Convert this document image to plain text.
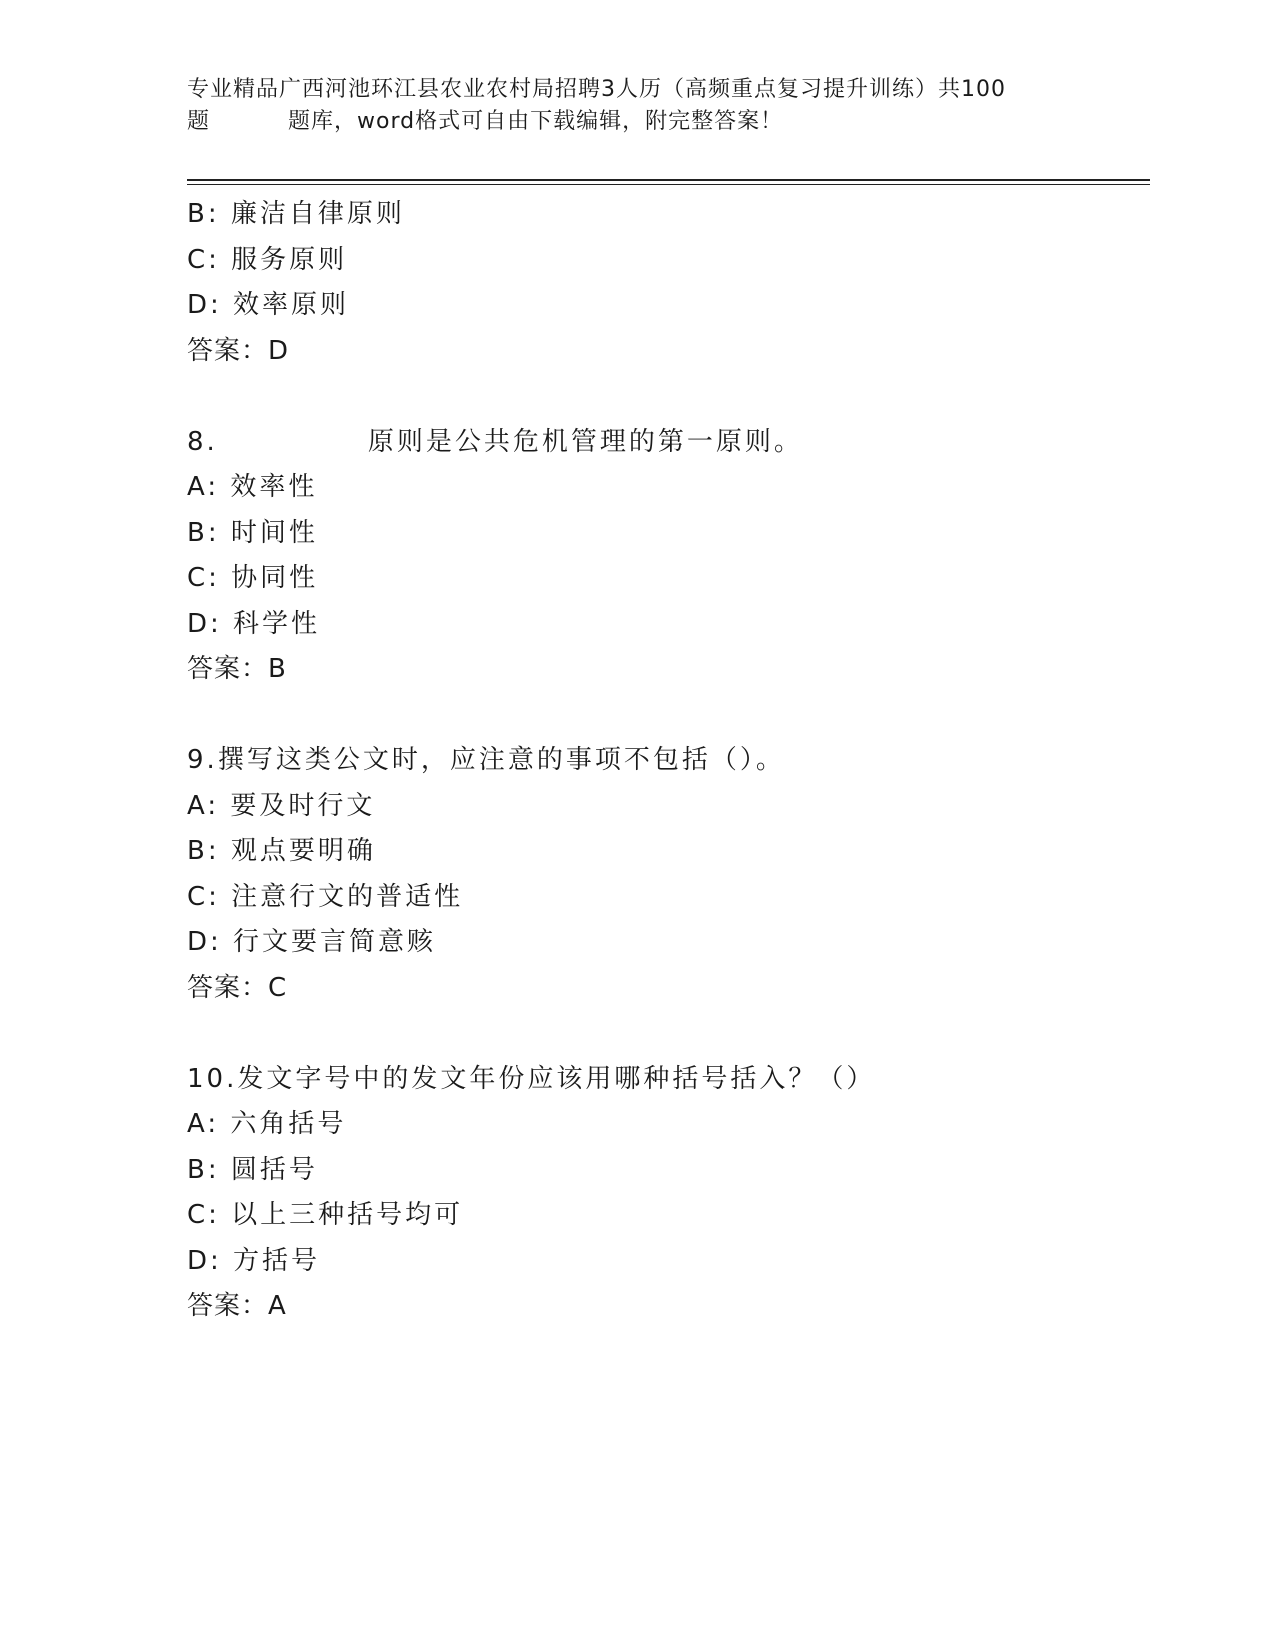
专业精品广西河池环江县农业农村局招聘3人历（高频重点复习提升训练）共100
题	题库，word格式可自由下载编辑，附完整答案！
B: 廉洁自律原则
C: 服务原则
D: 效率原则
答案：D
8.	原则是公共危机管理的第一原则。
A: 效率性
B: 时间性
C: 协同性
D: 科学性
答案：B
9.撰写这类公文时，应注意的事项不包括（）。
A: 要及时行文
B: 观点要明确
C: 注意行文的普适性
D: 行文要言简意赅
答案：C
10.发文字号中的发文年份应该用哪种括号括入？（）
A: 六角括号
B: 圆括号
C: 以上三种括号均可
D: 方括号
答案：A
